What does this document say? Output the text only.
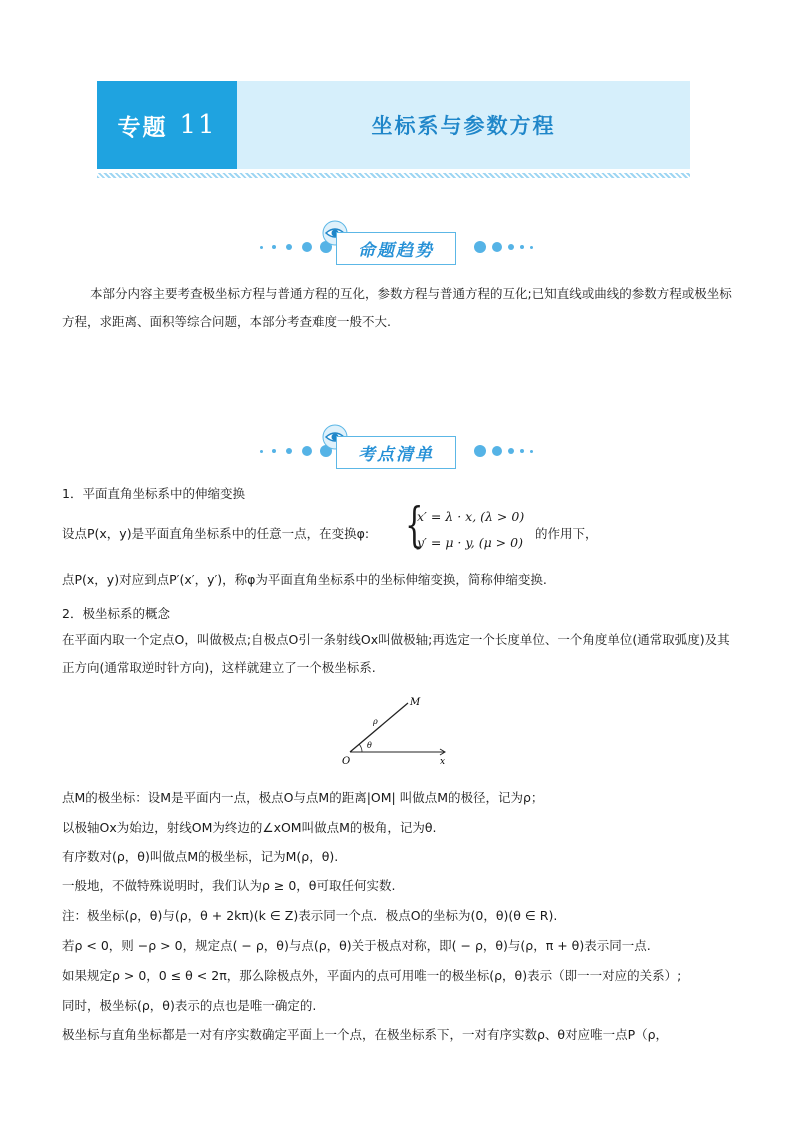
专题 11	坐标系与参数方程
命题趋势
本部分内容主要考查极坐标方程与普通方程的互化，参数方程与普通方程的互化;已知直线或曲线的参数方程或极坐标方程，求距离、面积等综合问题，本部分考查难度一般不大.
考点清单
1．平面直角坐标系中的伸缩变换
设点P(x，y)是平面直角坐标系中的任意一点，在变换φ: {
x′ = λ · x, (λ > 0)
y′ = μ · y, (μ > 0)
的作用下，
点P(x，y)对应到点P′(x′，y′)，称φ为平面直角坐标系中的坐标伸缩变换，简称伸缩变换.
2．极坐标系的概念
在平面内取一个定点O，叫做极点;自极点O引一条射线Ox叫做极轴;再选定一个长度单位、一个角度单位(通常取弧度)及其正方向(通常取逆时针方向)，这样就建立了一个极坐标系.
M
O	x
ρ
θ
点M的极坐标：设M是平面内一点，极点O与点M的距离|OM| 叫做点M的极径，记为ρ；
以极轴Ox为始边，射线OM为终边的∠xOM叫做点M的极角，记为θ.
有序数对(ρ，θ)叫做点M的极坐标，记为M(ρ，θ).
一般地，不做特殊说明时，我们认为ρ ≥ 0，θ可取任何实数.
注：极坐标(ρ，θ)与(ρ，θ + 2kπ)(k ∈ Z)表示同一个点．极点O的坐标为(0，θ)(θ ∈ R).
若ρ < 0，则 −ρ > 0，规定点( − ρ，θ)与点(ρ，θ)关于极点对称，即( − ρ，θ)与(ρ，π + θ)表示同一点.
如果规定ρ > 0，0 ≤ θ < 2π，那么除极点外，平面内的点可用唯一的极坐标(ρ，θ)表示（即一一对应的关系）;
同时，极坐标(ρ，θ)表示的点也是唯一确定的.
极坐标与直角坐标都是一对有序实数确定平面上一个点，在极坐标系下，一对有序实数ρ、θ对应唯一点P（ρ，
